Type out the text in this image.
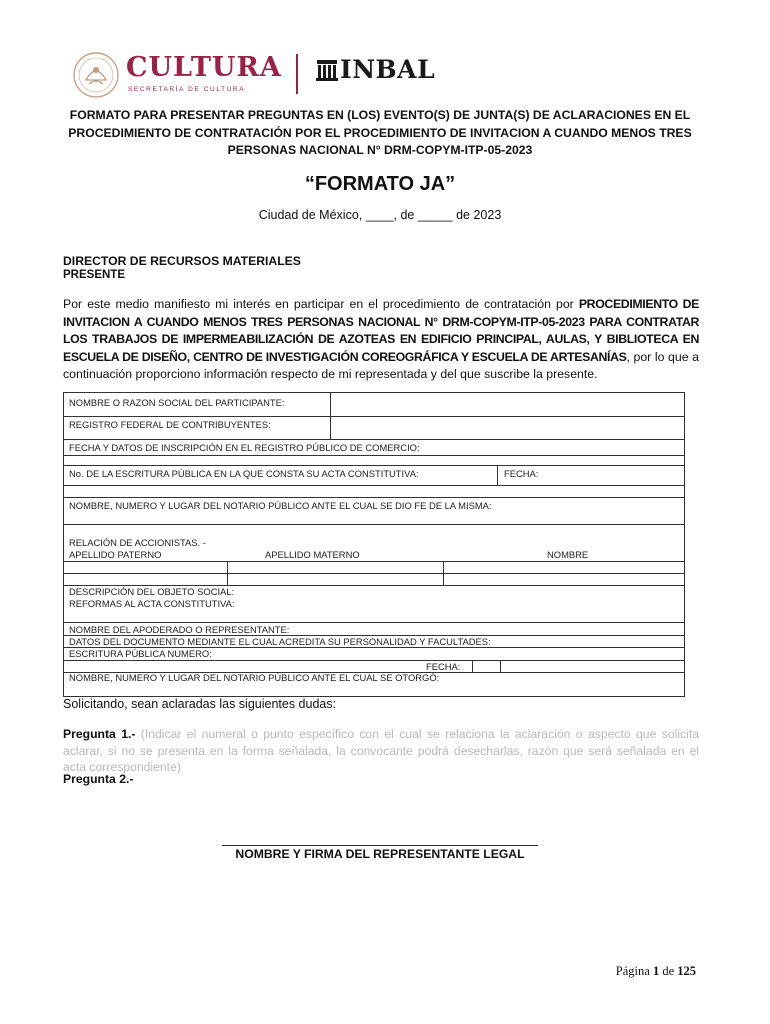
CULTURA
SECRETARÍA DE CULTURA
INBAL
FORMATO PARA PRESENTAR PREGUNTAS EN (LOS) EVENTO(S) DE JUNTA(S) DE ACLARACIONES EN EL PROCEDIMIENTO DE CONTRATACIÓN POR EL PROCEDIMIENTO DE INVITACION A CUANDO MENOS TRES PERSONAS NACIONAL N° DRM-COPYM-ITP-05-2023
“FORMATO JA”
Ciudad de México, ____, de _____ de 2023
DIRECTOR DE RECURSOS MATERIALES
PRESENTE
Por este medio manifiesto mi interés en participar en el procedimiento de contratación por PROCEDIMIENTO DE INVITACION A CUANDO MENOS TRES PERSONAS NACIONAL N° DRM-COPYM-ITP-05-2023 PARA CONTRATAR LOS TRABAJOS DE IMPERMEABILIZACIÓN DE AZOTEAS EN EDIFICIO PRINCIPAL, AULAS, Y BIBLIOTECA EN ESCUELA DE DISEÑO, CENTRO DE INVESTIGACIÓN COREOGRÁFICA Y ESCUELA DE ARTESANÍAS, por lo que a continuación proporciono información respecto de mi representada y del que suscribe la presente.
NOMBRE O RAZON SOCIAL DEL PARTICIPANTE:
REGISTRO FEDERAL DE CONTRIBUYENTES:
FECHA Y DATOS DE INSCRIPCIÓN EN EL REGISTRO PÚBLICO DE COMERCIO:
No. DE LA ESCRITURA PÚBLICA EN LA QUE CONSTA SU ACTA CONSTITUTIVA:	FECHA:
NOMBRE, NUMERO Y LUGAR DEL NOTARIO PÚBLICO ANTE EL CUAL SE DIO FE DE LA MISMA:
RELACIÓN DE ACCIONISTAS. -
APELLIDO PATERNO	APELLIDO MATERNO	NOMBRE
DESCRIPCIÓN DEL OBJETO SOCIAL:
REFORMAS AL ACTA CONSTITUTIVA:
NOMBRE DEL APODERADO O REPRESENTANTE:
DATOS DEL DOCUMENTO MEDIANTE EL CUAL ACREDITA SU PERSONALIDAD Y FACULTADES:
ESCRITURA PÚBLICA NUMERO:
FECHA:
NOMBRE, NUMERO Y LUGAR DEL NOTARIO PÚBLICO ANTE EL CUAL SE OTORGÓ:
Solicitando, sean aclaradas las siguientes dudas:
Pregunta 1.- (Indicar el numeral o punto específico con el cual se relaciona la aclaración o aspecto que solicita aclarar, si no se presenta en la forma señalada, la convocante podrá desecharlas, razón que será señalada en el acta correspondiente)
Pregunta 2.-
NOMBRE Y FIRMA DEL REPRESENTANTE LEGAL
Página 1 de 125
